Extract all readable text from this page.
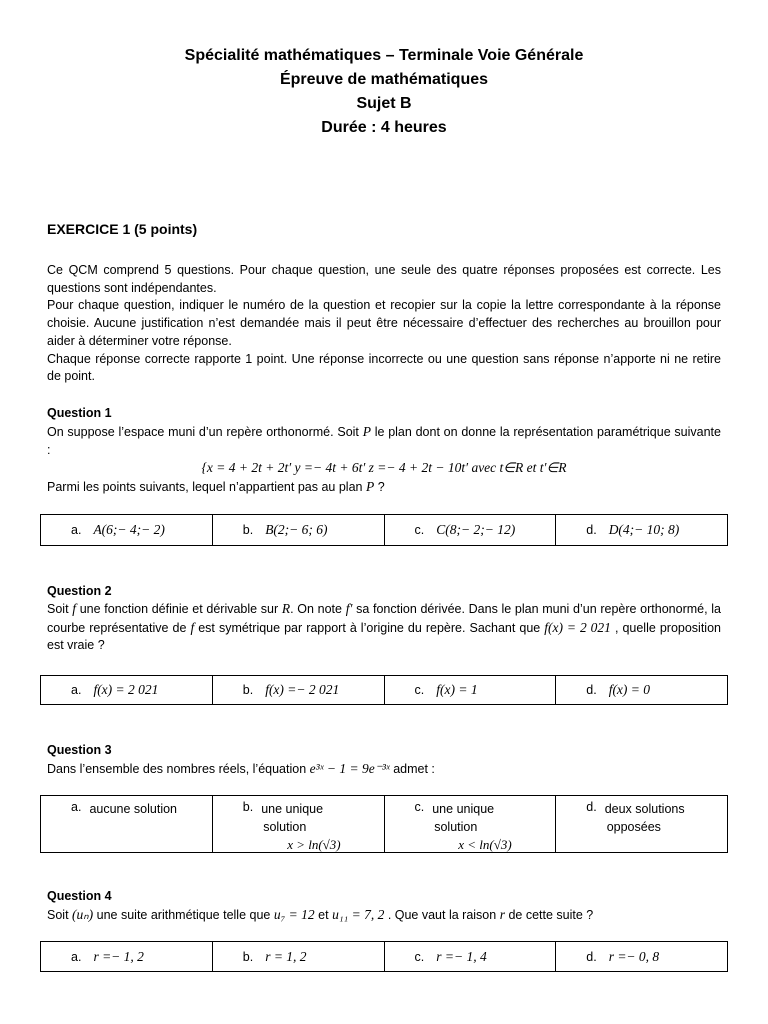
Spécialité mathématiques – Terminale Voie Générale
Épreuve de mathématiques
Sujet B
Durée : 4 heures
EXERCICE 1 (5 points)

Ce QCM comprend 5 questions. Pour chaque question, une seule des quatre réponses proposées est correcte. Les questions sont indépendantes.

Pour chaque question, indiquer le numéro de la question et recopier sur la copie la lettre correspondante à la réponse choisie. Aucune justification n’est demandée mais il peut être nécessaire d’effectuer des recherches au brouillon pour aider à déterminer votre réponse.

Chaque réponse correcte rapporte 1 point. Une réponse incorrecte ou une question sans réponse n’apporte ni ne retire de point.

Question 1

On suppose l’espace muni d’un repère orthonormé. Soit P le plan dont on donne la représentation paramétrique suivante :

{x = 4 + 2t + 2t′ y =− 4t + 6t′ z =− 4 + 2t − 10t′ avec t∈R et t′∈R

Parmi les points suivants, lequel n’appartient pas au plan P ?

a. A(6;− 4;− 2)	b. B(2;− 6; 6)	c. C(8;− 2;− 12)	d. D(4;− 10; 8)
Question 2

Soit f une fonction définie et dérivable sur R. On note f′ sa fonction dérivée. Dans le plan muni d’un repère orthonormé, la courbe représentative de f est symétrique par rapport à l’origine du repère. Sachant que f(x) = 2 021 , quelle proposition est vraie ?

a. f(x) = 2 021	b. f(x) =− 2 021	c. f(x) = 1	d. f(x) = 0
Question 3

Dans l’ensemble des nombres réels, l’équation e³ˣ − 1 = 9e⁻³ˣ admet :

a. aucune solution	b. une unique
solution
x > ln(√3)
c. une unique
solution
x < ln(√3)
d. deux solutions
opposées
Question 4

Soit (uₙ) une suite arithmétique telle que u₇ = 12 et u₁₁ = 7, 2 . Que vaut la raison r de cette suite ?

a. r =− 1, 2	b. r = 1, 2	c. r =− 1, 4	d. r =− 0, 8
